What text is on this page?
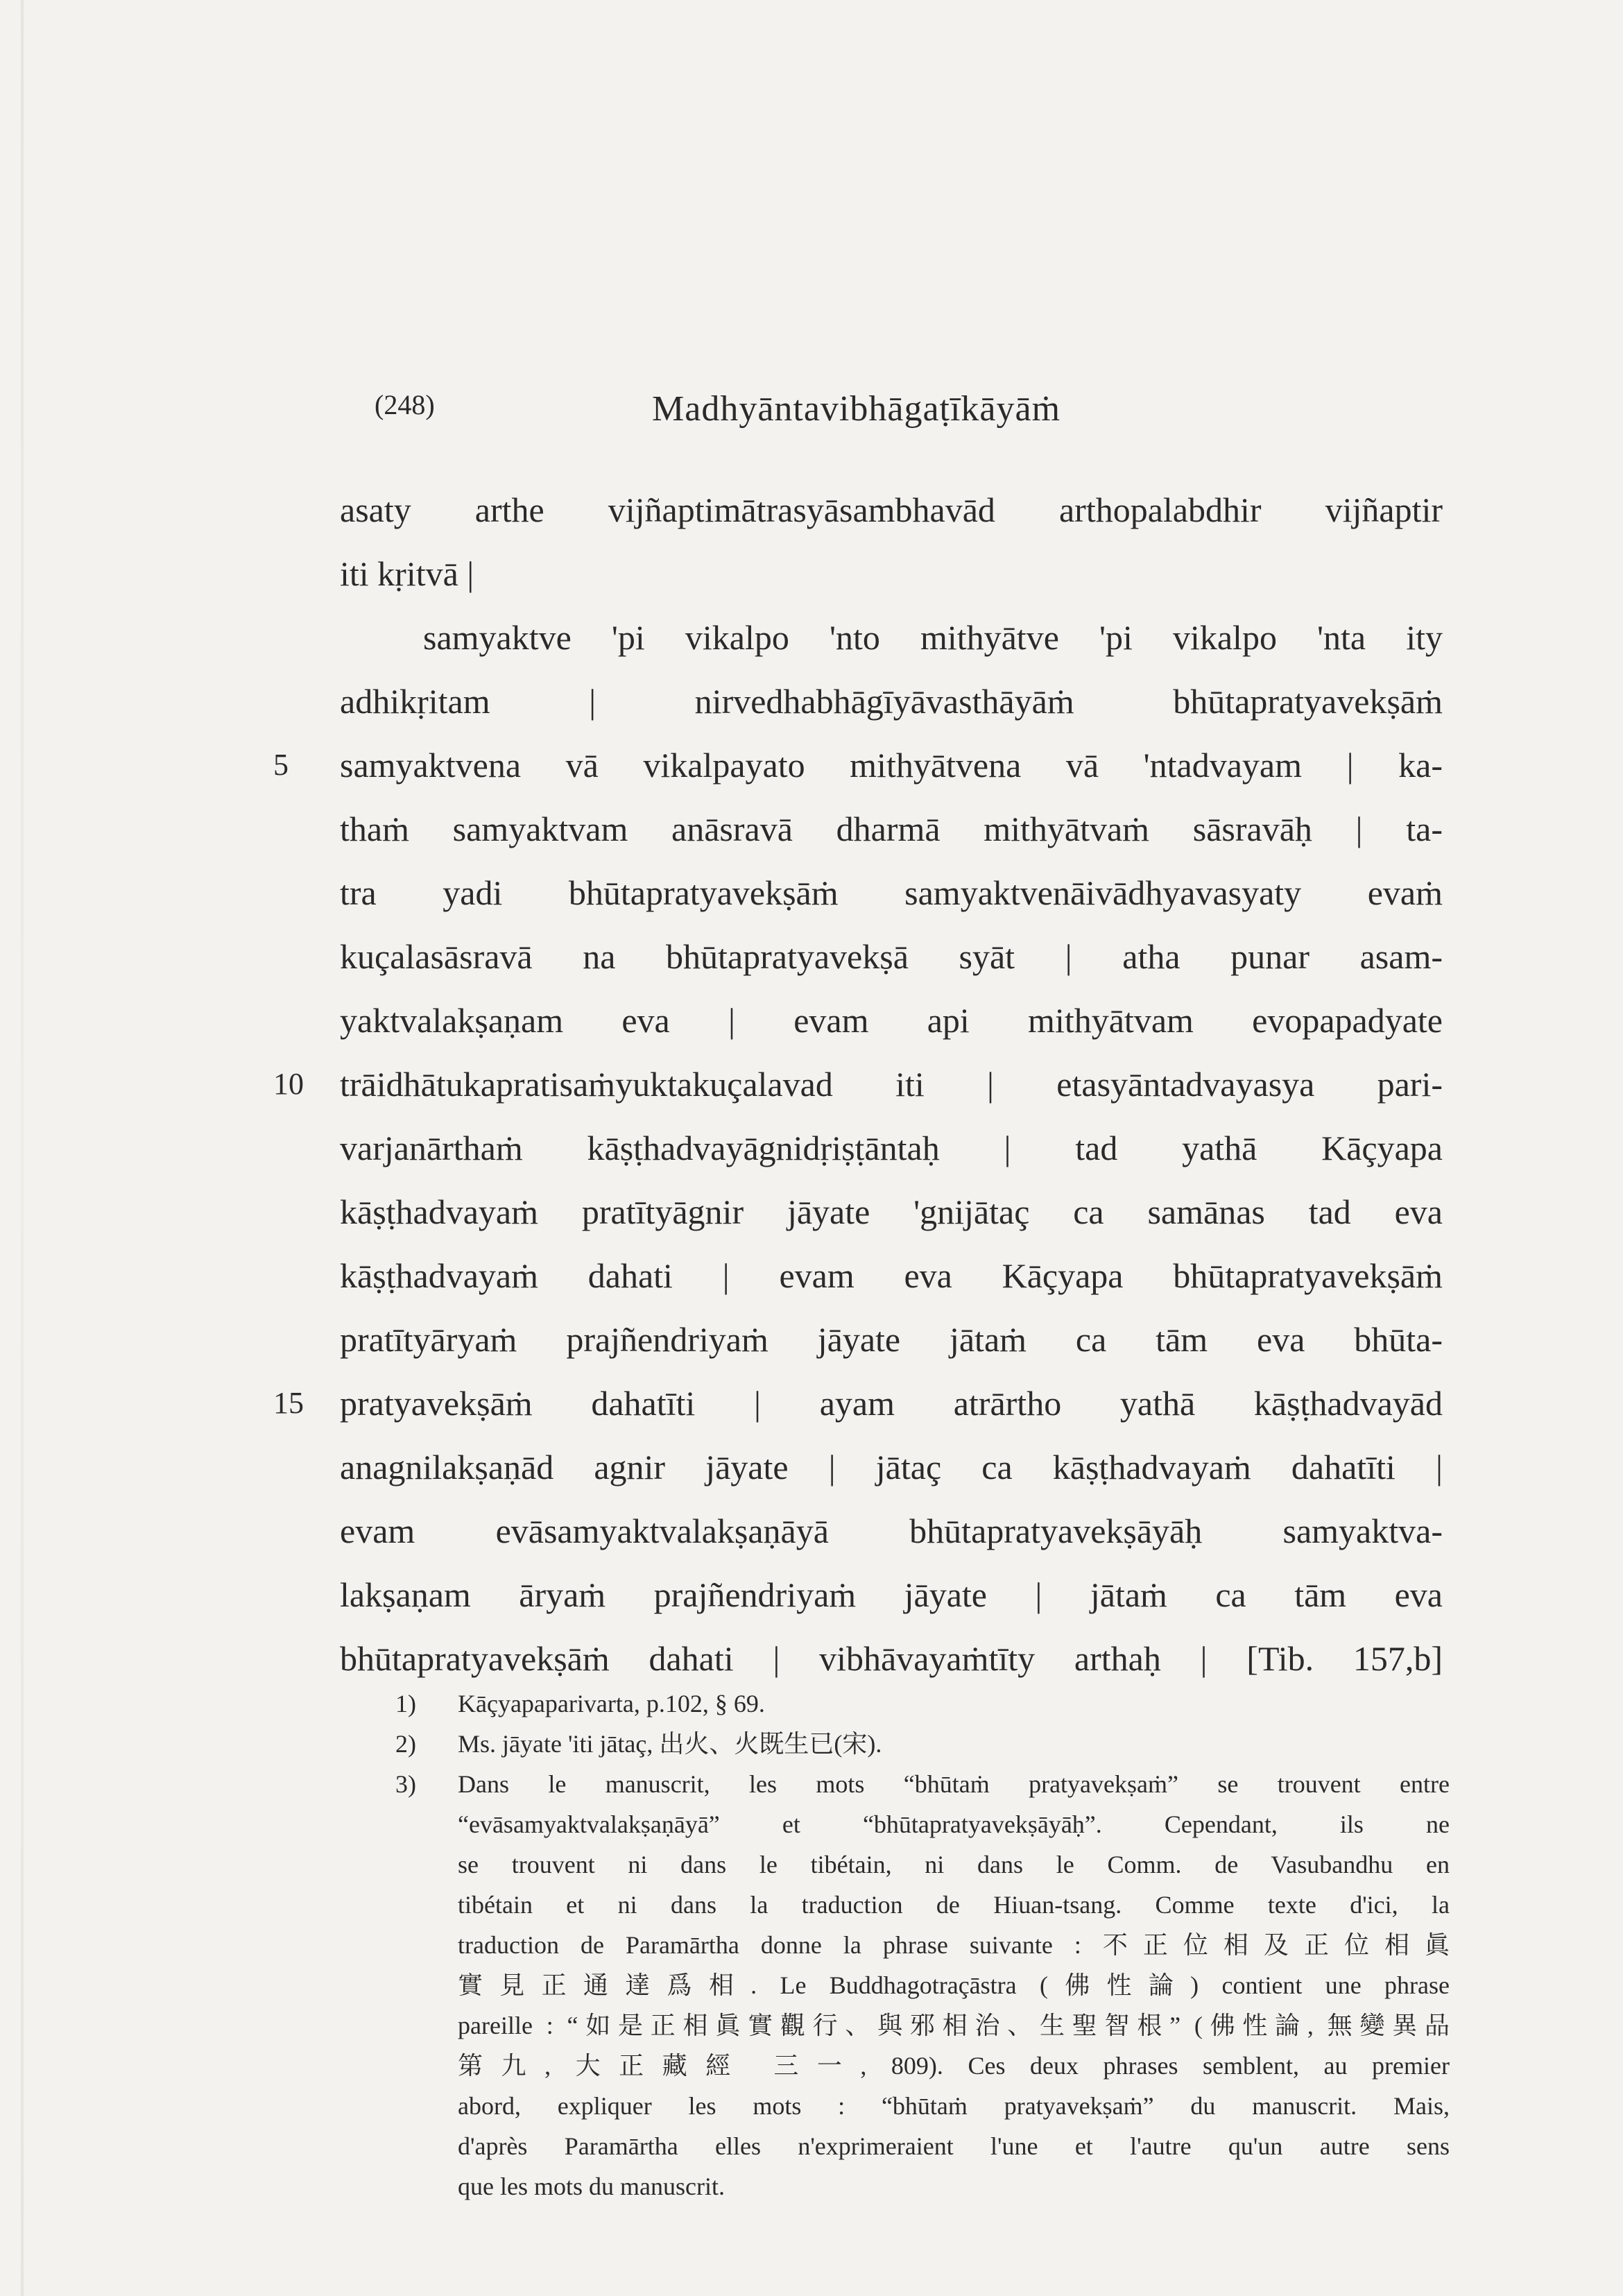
(248)	Madhyāntavibhāgaṭīkāyāṁ
asaty arthe vijñaptimātrasyāsambhavād arthopalabdhir vijñaptir
iti kṛitvā |
samyaktve 'pi vikalpo 'nto mithyātve 'pi vikalpo 'nta ity
adhikṛitam | nirvedhabhāgīyāvasthāyāṁ bhūtapratyavekṣāṁ
5	samyaktvena vā vikalpayato mithyātvena vā 'ntadvayam | ka-
thaṁ samyaktvam anāsravā dharmā mithyātvaṁ sāsravāḥ | ta-
tra yadi bhūtapratyavekṣāṁ samyaktvenāivādhyavasyaty evaṁ
kuçalasāsravā na bhūtapratyavekṣā syāt | atha punar asam-
yaktvalakṣaṇam eva | evam api mithyātvam evopapadyate
10	trāidhātukapratisaṁyuktakuçalavad iti | etasyāntadvayasya pari-
varjanārthaṁ kāṣṭhadvayāgnidṛiṣṭāntaḥ | tad yathā Kāçyapa
kāṣṭhadvayaṁ pratītyāgnir jāyate 'gnijātaç ca samānas tad eva
kāṣṭhadvayaṁ dahati | evam eva Kāçyapa bhūtapratyavekṣāṁ
pratītyāryaṁ prajñendriyaṁ jāyate jātaṁ ca tām eva bhūta-
15	pratyavekṣāṁ dahatīti | ayam atrārtho yathā kāṣṭhadvayād
anagnilakṣaṇād agnir jāyate | jātaç ca kāṣṭhadvayaṁ dahatīti |
evam evāsamyaktvalakṣaṇāyā bhūtapratyavekṣāyāḥ samyaktva-
lakṣaṇam āryaṁ prajñendriyaṁ jāyate | jātaṁ ca tām eva
bhūtapratyavekṣāṁ dahati | vibhāvayaṁtīty arthaḥ | [Tib. 157,b]
1) Kāçyapaparivarta, p.102, § 69.
2) Ms. jāyate 'iti jātaç, 出火、火既生已(宋).
3) Dans le manuscrit, les mots “bhūtaṁ pratyavekṣaṁ” se trouvent entre
“evāsamyaktvalakṣaṇāyā” et “bhūtapratyavekṣāyāḥ”. Cependant, ils ne
se trouvent ni dans le tibétain, ni dans le Comm. de Vasubandhu en
tibétain et ni dans la traduction de Hiuan-tsang. Comme texte d'ici, la
traduction de Paramārtha donne la phrase suivante : 不正位相及正位相眞
實見正通達爲相. Le Buddhagotraçāstra (佛性論) contient une phrase
pareille : “如是正相眞實觀行、與邪相治、生聖智根” (佛性論, 無變異品
第九, 大正藏經 三一, 809). Ces deux phrases semblent, au premier
abord, expliquer les mots : “bhūtaṁ pratyavekṣaṁ” du manuscrit. Mais,
d'après Paramārtha elles n'exprimeraient l'une et l'autre qu'un autre sens
que les mots du manuscrit.
